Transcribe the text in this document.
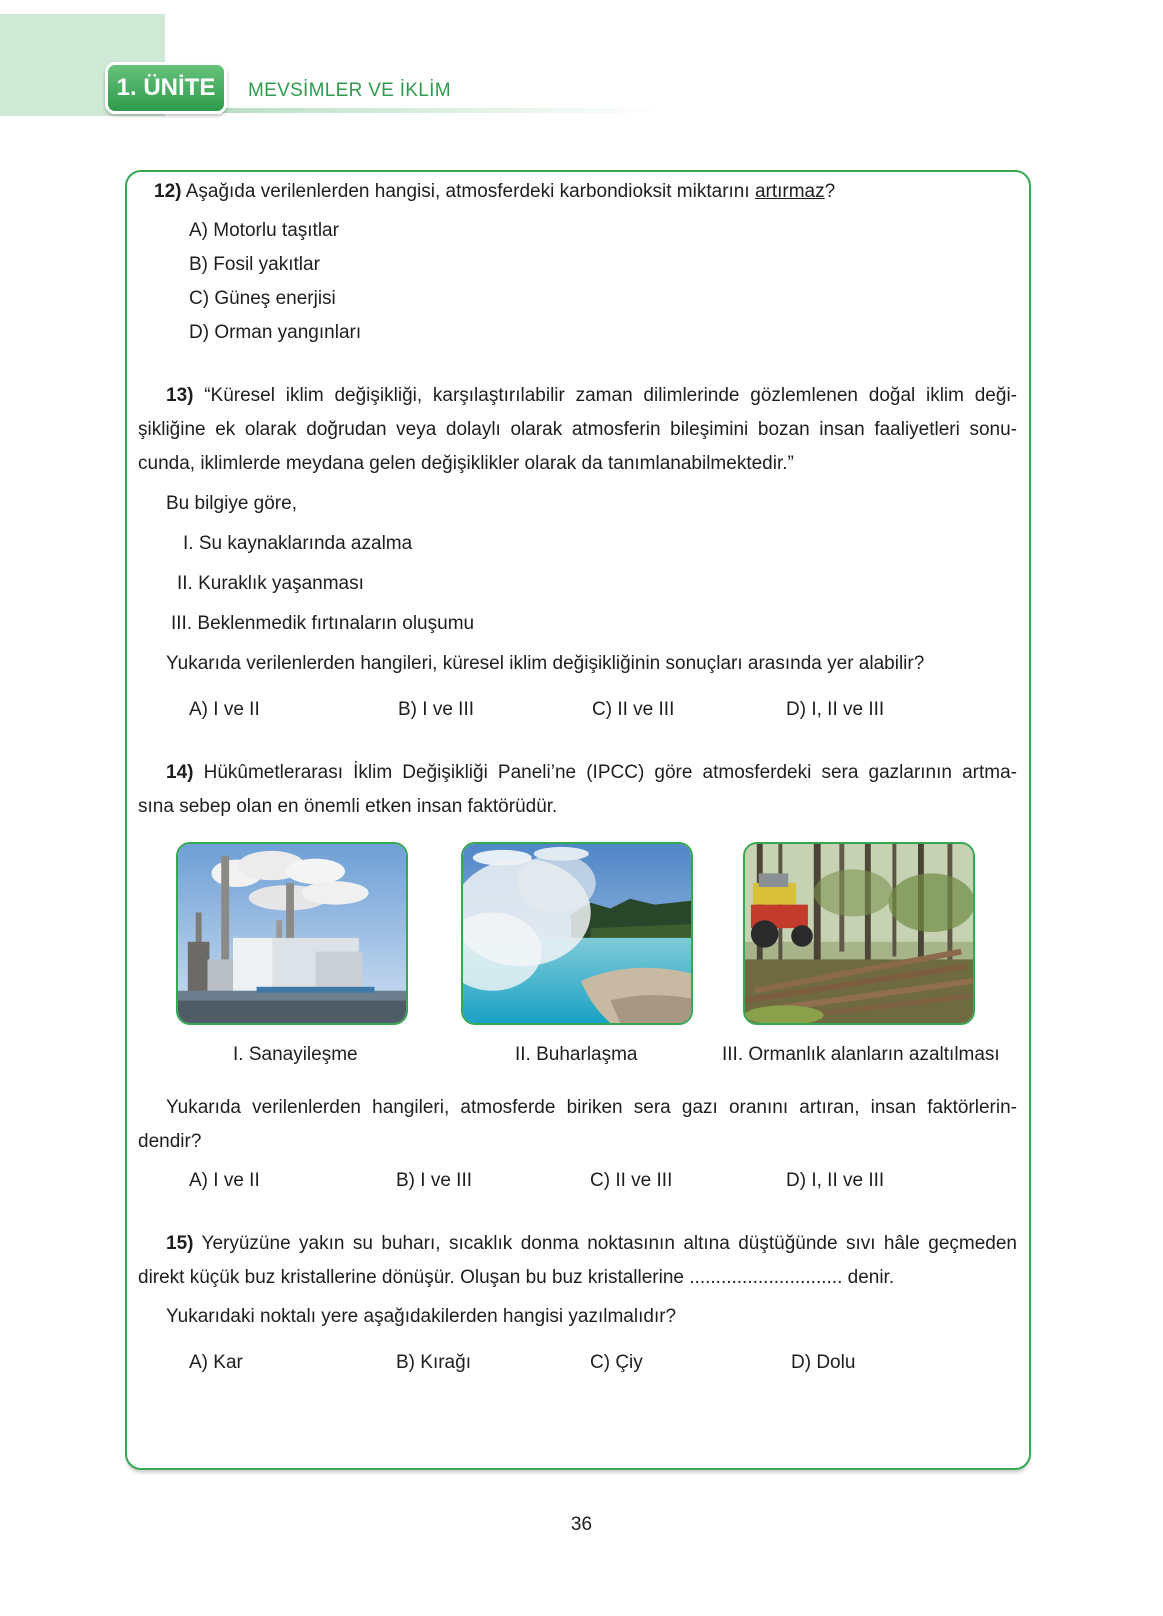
1. ÜNİTE	MEVSİMLER VE İKLİM
12) Aşağıda verilenlerden hangisi, atmosferdeki karbondioksit miktarını artırmaz?
A) Motorlu taşıtlar
B) Fosil yakıtlar
C) Güneş enerjisi
D) Orman yangınları
13) “Küresel iklim değişikliği, karşılaştırılabilir zaman dilimlerinde gözlemlenen doğal iklim deği-
şikliğine ek olarak doğrudan veya dolaylı olarak atmosferin bileşimini bozan insan faaliyetleri sonu-
cunda, iklimlerde meydana gelen değişiklikler olarak da tanımlanabilmektedir.”
Bu bilgiye göre,
I. Su kaynaklarında azalma
II. Kuraklık yaşanması
III. Beklenmedik fırtınaların oluşumu
Yukarıda verilenlerden hangileri, küresel iklim değişikliğinin sonuçları arasında yer alabilir?
A) I ve II	B) I ve III	C) II ve III	D) I, II ve III
14) Hükûmetlerarası İklim Değişikliği Paneli’ne (IPCC) göre atmosferdeki sera gazlarının artma-
sına sebep olan en önemli etken insan faktörüdür.
I. Sanayileşme	II. Buharlaşma	III. Ormanlık alanların azaltılması
Yukarıda verilenlerden hangileri, atmosferde biriken sera gazı oranını artıran, insan faktörlerin-
dendir?
A) I ve II	B) I ve III	C) II ve III	D) I, II ve III
15) Yeryüzüne yakın su buharı, sıcaklık donma noktasının altına düştüğünde sıvı hâle geçmeden
direkt küçük buz kristallerine dönüşür. Oluşan bu buz kristallerine ............................. denir.
Yukarıdaki noktalı yere aşağıdakilerden hangisi yazılmalıdır?
A) Kar	B) Kırağı	C) Çiy	D) Dolu
36
